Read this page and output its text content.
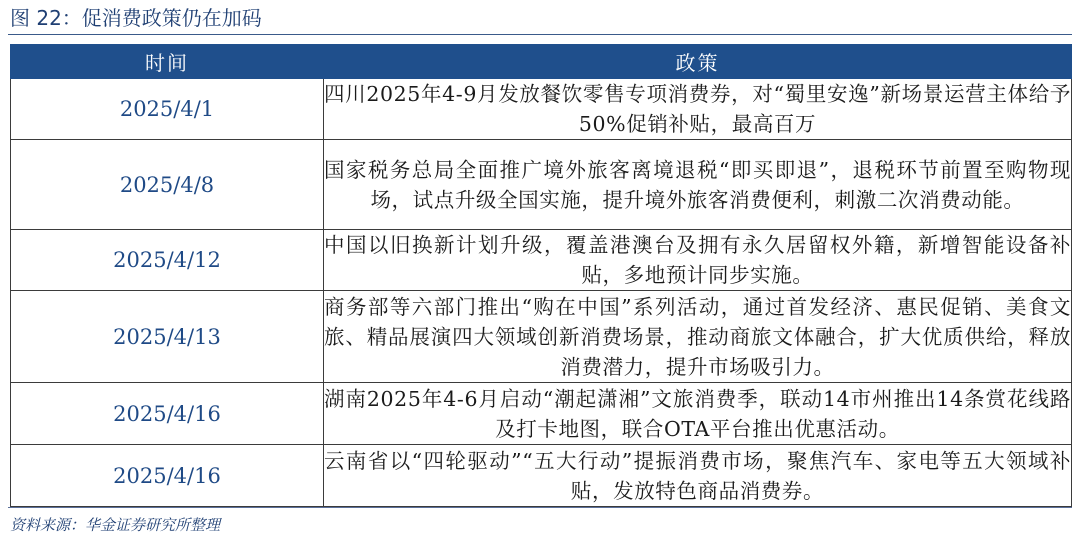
图 22：促消费政策仍在加码
时间	政策
2025/4/1	四川2025年4-9月发放餐饮零售专项消费券，对“蜀里安逸”新场景运营主体给予50%促销补贴，最高百万
2025/4/8	国家税务总局全面推广境外旅客离境退税“即买即退”，退税环节前置至购物现场，试点升级全国实施，提升境外旅客消费便利，刺激二次消费动能。
2025/4/12	中国以旧换新计划升级，覆盖港澳台及拥有永久居留权外籍，新增智能设备补贴，多地预计同步实施。
2025/4/13	商务部等六部门推出“购在中国”系列活动，通过首发经济、惠民促销、美食文旅、精品展演四大领域创新消费场景，推动商旅文体融合，扩大优质供给，释放消费潜力，提升市场吸引力。
2025/4/16	湖南2025年4-6月启动“潮起潇湘”文旅消费季，联动14市州推出14条赏花线路及打卡地图，联合OTA平台推出优惠活动。
2025/4/16	云南省以“四轮驱动”“五大行动”提振消费市场，聚焦汽车、家电等五大领域补贴，发放特色商品消费券。
资料来源：华金证券研究所整理
